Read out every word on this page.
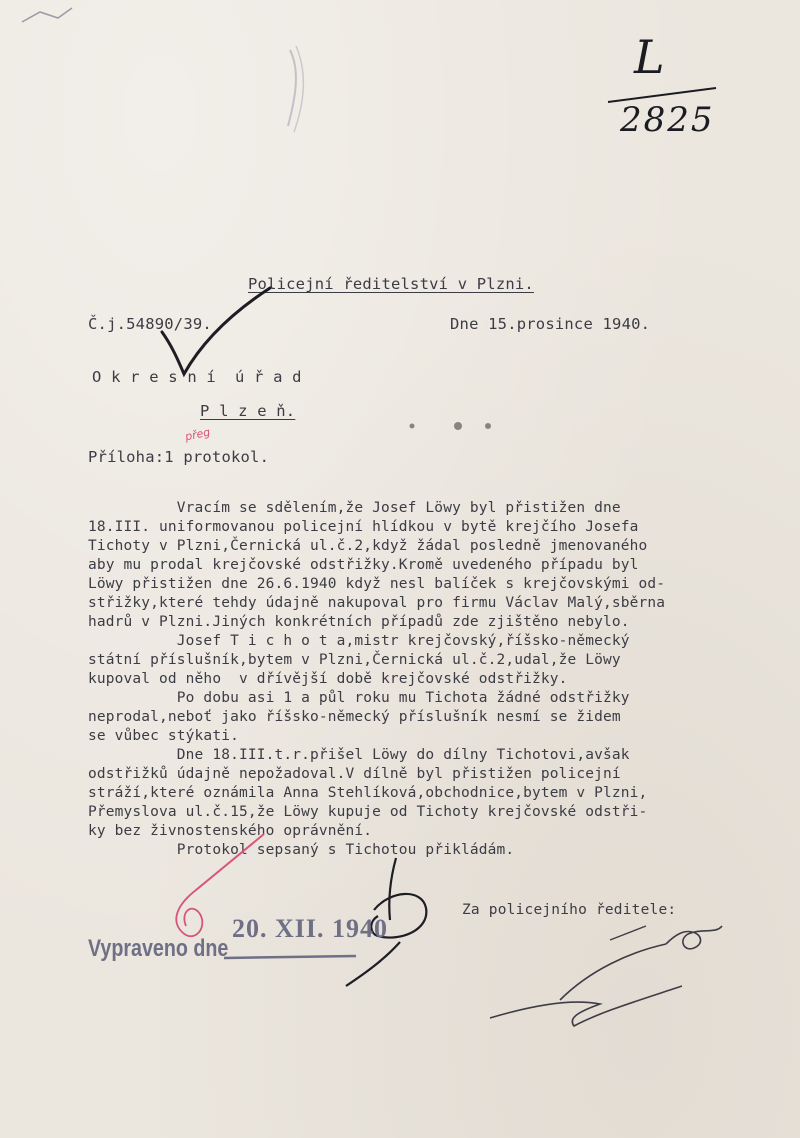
L
2825
Policejní ředitelství v Plzni.
Č.j.54890/39.	Dne 15.prosince 1940.
O k r e s n í  ú ř a d
P l z e ň.
přeg
Příloha:1 protokol.
Vracím se sdělením,že Josef Löwy byl přistižen dne
18.III. uniformovanou policejní hlídkou v bytě krejčího Josefa
Tichoty v Plzni,Černická ul.č.2,když žádal posledně jmenovaného
aby mu prodal krejčovské odstřižky.Kromě uvedeného případu byl
Löwy přistižen dne 26.6.1940 když nesl balíček s krejčovskými od-
střižky,které tehdy údajně nakupoval pro firmu Václav Malý,sběrna
hadrů v Plzni.Jiných konkrétních případů zde zjištěno nebylo.
Josef T i c h o t a,mistr krejčovský,říšsko-německý
státní příslušník,bytem v Plzni,Černická ul.č.2,udal,že Löwy
kupoval od něho  v dřívější době krejčovské odstřižky.
Po dobu asi 1 a půl roku mu Tichota žádné odstřižky
neprodal,neboť jako říšsko-německý příslušník nesmí se židem
se vůbec stýkati.
Dne 18.III.t.r.přišel Löwy do dílny Tichotovi,avšak
odstřižků údajně nepožadoval.V dílně byl přistižen policejní
stráží,které oznámila Anna Stehlíková,obchodnice,bytem v Plzni,
Přemyslova ul.č.15,že Löwy kupuje od Tichoty krejčovské odstři-
ky bez živnostenského oprávnění.
Protokol sepsaný s Tichotou přikládám.
Za policejního ředitele:
Vypraveno dne
20. XII. 1940
